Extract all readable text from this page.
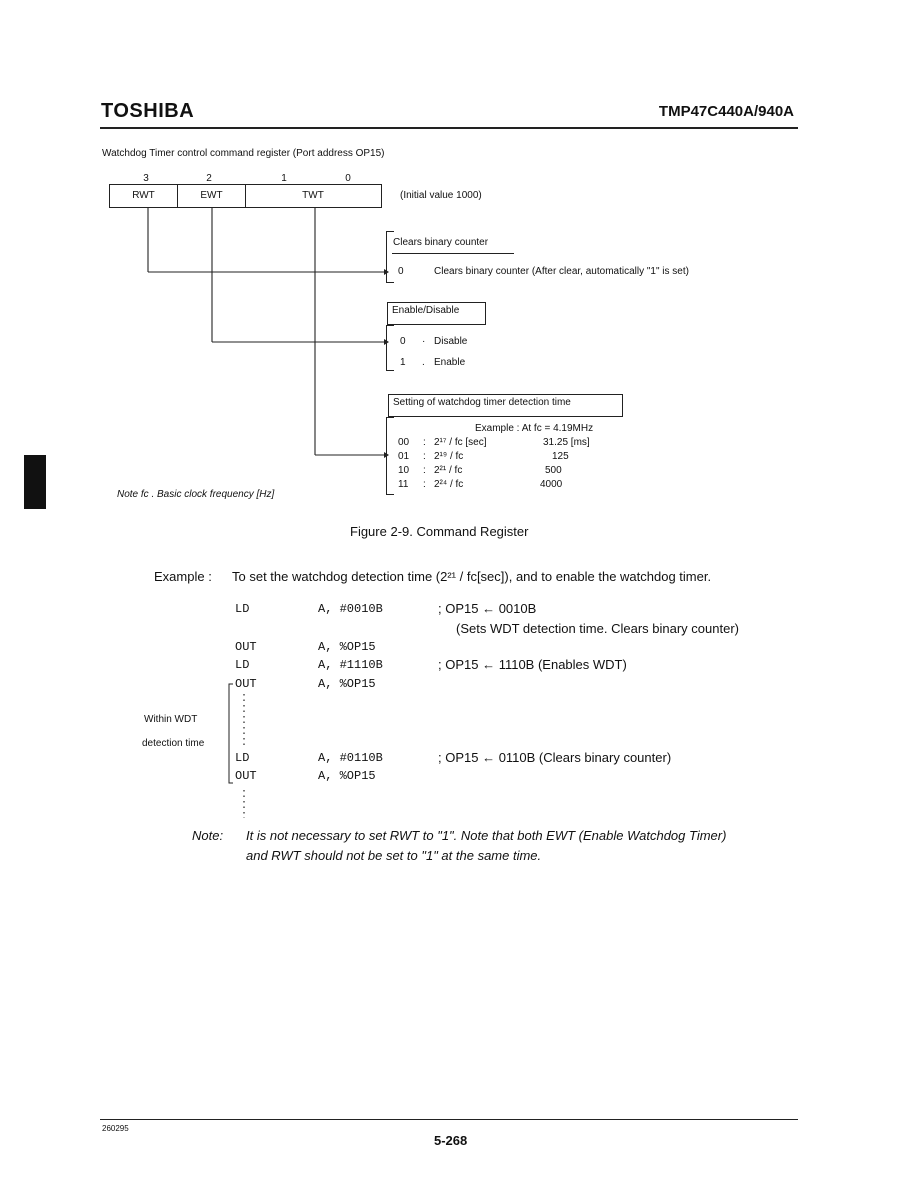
TOSHIBA	TMP47C440A/940A
Watchdog Timer control command register (Port address OP15)
3	2	1	0
RWT	EWT	TWT	(Initial value 1000)
Clears binary counter
0	Clears binary counter (After clear, automatically "1" is set)
Enable/Disable
0 · Disable
1 . Enable
Setting of watchdog timer detection time
Example : At fc = 4.19MHz
00 : 2¹⁷ / fc [sec]	31.25 [ms]
01 : 2¹⁹ / fc	125
10 : 2²¹ / fc	500
11 : 2²⁴ / fc	4000
Note fc . Basic clock frequency [Hz]
Figure 2-9. Command Register
Example : To set the watchdog detection time (2²¹ / fc[sec]), and to enable the watchdog timer.
LD	A, #0010B	; OP15 ← 0010B
(Sets WDT detection time. Clears binary counter)
OUT	A, %OP15
LD	A, #1110B	; OP15 ← 1110B (Enables WDT)
OUT	A, %OP15
Within WDT
detection time
LD	A, #0110B	; OP15 ← 0110B (Clears binary counter)
OUT	A, %OP15
Note: It is not necessary to set RWT to "1". Note that both EWT (Enable Watchdog Timer)
and RWT should not be set to "1" at the same time.
260295
5-268
